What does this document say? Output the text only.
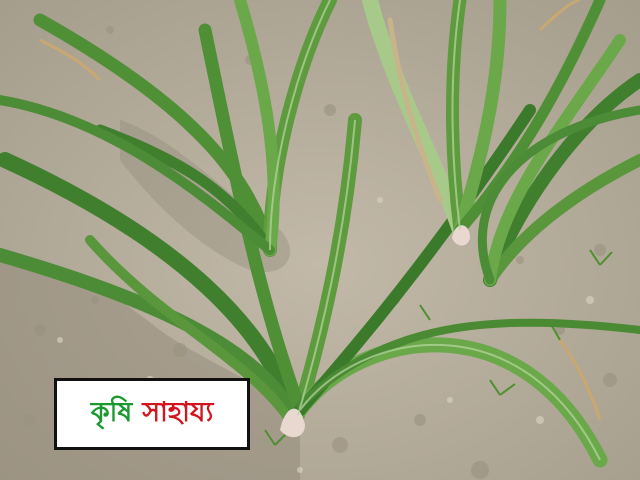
কৃষি সাহায্য
